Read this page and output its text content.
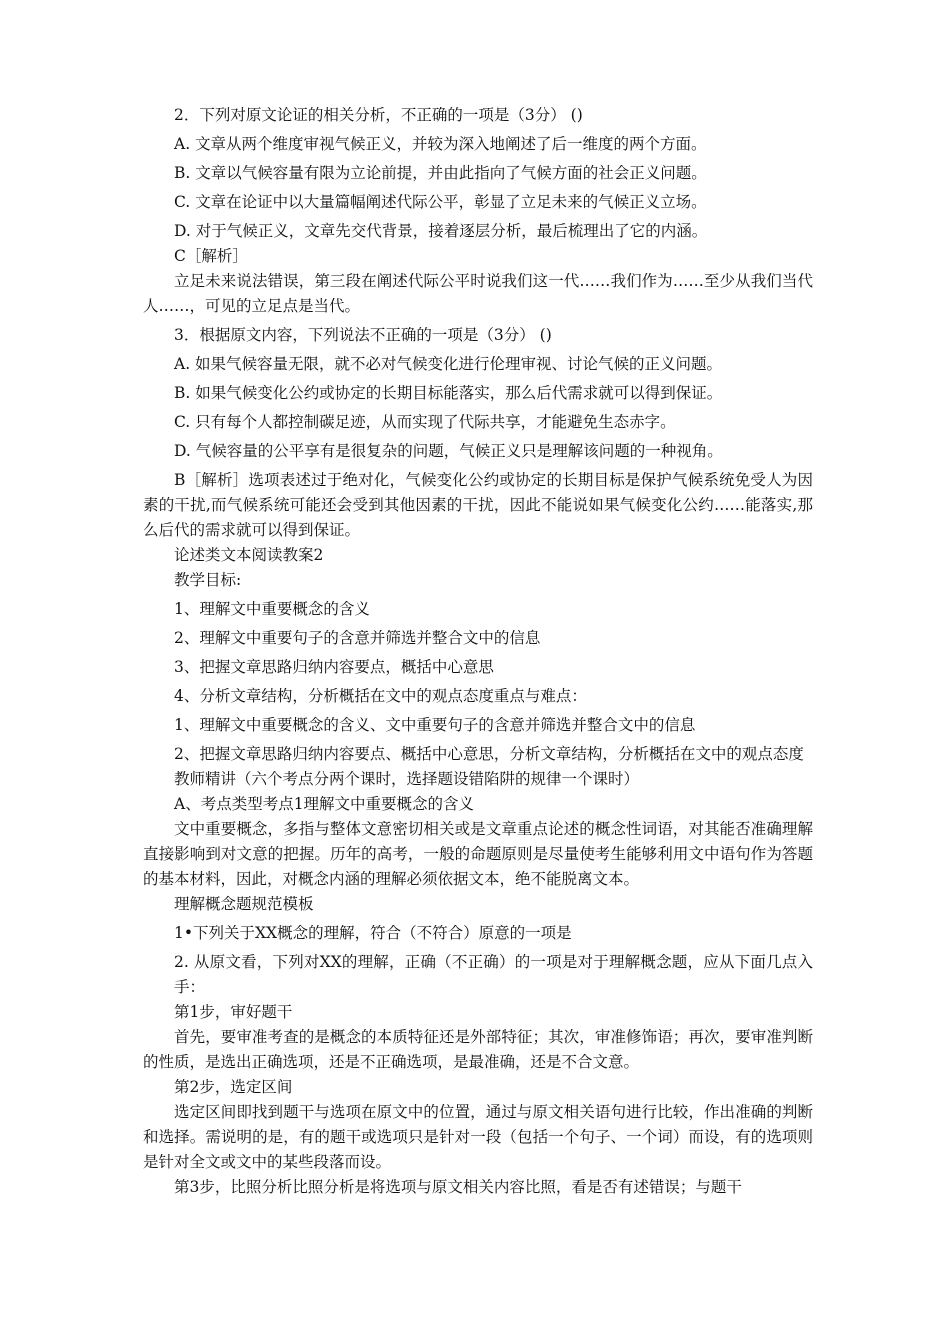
2．下列对原文论证的相关分析，不正确的一项是（3分） ()

A. 文章从两个维度审视气候正义，并较为深入地阐述了后一维度的两个方面。

B. 文章以气候容量有限为立论前提，并由此指向了气候方面的社会正义问题。

C. 文章在论证中以大量篇幅阐述代际公平，彰显了立足未来的气候正义立场。

D. 对于气候正义，文章先交代背景，接着逐层分析，最后梳理出了它的内涵。

C［解析］

立足未来说法错误，第三段在阐述代际公平时说我们这一代……我们作为……至少从我们当代人……，可见的立足点是当代。

3．根据原文内容，下列说法不正确的一项是（3分） ()

A. 如果气候容量无限，就不必对气候变化进行伦理审视、讨论气候的正义问题。

B. 如果气候变化公约或协定的长期目标能落实，那么后代需求就可以得到保证。

C. 只有每个人都控制碳足迹，从而实现了代际共享，才能避免生态赤字。

D. 气候容量的公平享有是很复杂的问题，气候正义只是理解该问题的一种视角。

B［解析］选项表述过于绝对化，气候变化公约或协定的长期目标是保护气候系统免受人为因素的干扰,而气候系统可能还会受到其他因素的干扰，因此不能说如果气候变化公约……能落实,那么后代的需求就可以得到保证。

论述类文本阅读教案2

教学目标:

1、理解文中重要概念的含义

2、理解文中重要句子的含意并筛选并整合文中的信息

3、把握文章思路归纳内容要点，概括中心意思

4、分析文章结构，分析概括在文中的观点态度重点与难点：

1、理解文中重要概念的含义、文中重要句子的含意并筛选并整合文中的信息

2、把握文章思路归纳内容要点、概括中心意思，分析文章结构，分析概括在文中的观点态度

教师精讲（六个考点分两个课时，选择题设错陷阱的规律一个课时）

A、考点类型考点1理解文中重要概念的含义

文中重要概念，多指与整体文意密切相关或是文章重点论述的概念性词语，对其能否准确理解直接影响到对文意的把握。历年的高考，一般的命题原则是尽量使考生能够利用文中语句作为答题的基本材料，因此，对概念内涵的理解必须依据文本，绝不能脱离文本。

理解概念题规范模板

1•下列关于XX概念的理解，符合（不符合）原意的一项是

2. 从原文看，下列对XX的理解，正确（不正确）的一项是对于理解概念题，应从下面几点入手：

第1步，审好题干

首先，要审准考查的是概念的本质特征还是外部特征；其次，审准修饰语；再次，要审准判断的性质，是选出正确选项，还是不正确选项，是最准确，还是不合文意。

第2步，选定区间

选定区间即找到题干与选项在原文中的位置，通过与原文相关语句进行比较，作出准确的判断和选择。需说明的是，有的题干或选项只是针对一段（包括一个句子、一个词）而设，有的选项则是针对全文或文中的某些段落而设。

第3步，比照分析比照分析是将选项与原文相关内容比照，看是否有述错误；与题干
